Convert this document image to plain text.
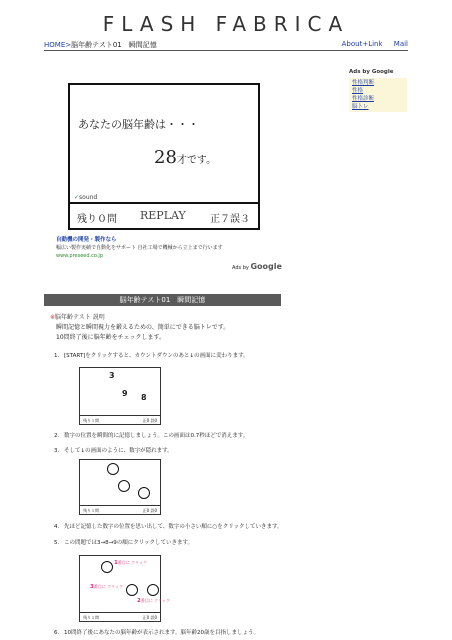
FLASH FABRICA
HOME>脳年齢テスト01　瞬間記憶	About+Link Mail
あなたの脳年齢は・・・
28才です。
✓sound
残り０問 REPLAY 正７誤３
自動機の開発・製作なら
幅広い製作実績で自動化をサポート 自社工場で機械から立上まで行います
www.preseed.co.jp
Ads by Google
Ads by Google
性格判断
性格
性格診断
脳トレ
脳年齢テスト01　瞬間記憶
※脳年齢テスト 説明
瞬間記憶と瞬間視力を鍛えるための、簡単にできる脳トレです。
10問終了後に脳年齢をチェックします。
1. [START]をクリックすると、カウントダウンのあと↓の画面に変わります。
3
9 8
残り１問	正0 誤0
2. 数字の位置を瞬間的に記憶しましょう。この画面は0.7秒ほどで消えます。
3. そして↓の画面のように、数字が隠れます。
残り１問	正0 誤0
4. 先ほど記憶した数字の位置を思い出して、数字の小さい順に○をクリックしていきます。
5. この問題では3→8→9の順にクリックしていきます。
1番目に クリック
3番目に クリック
2番目に クリック
残り１問	正0 誤0
6. 10問終了後にあなたの脳年齢が表示されます。脳年齢20歳を目指しましょう。
